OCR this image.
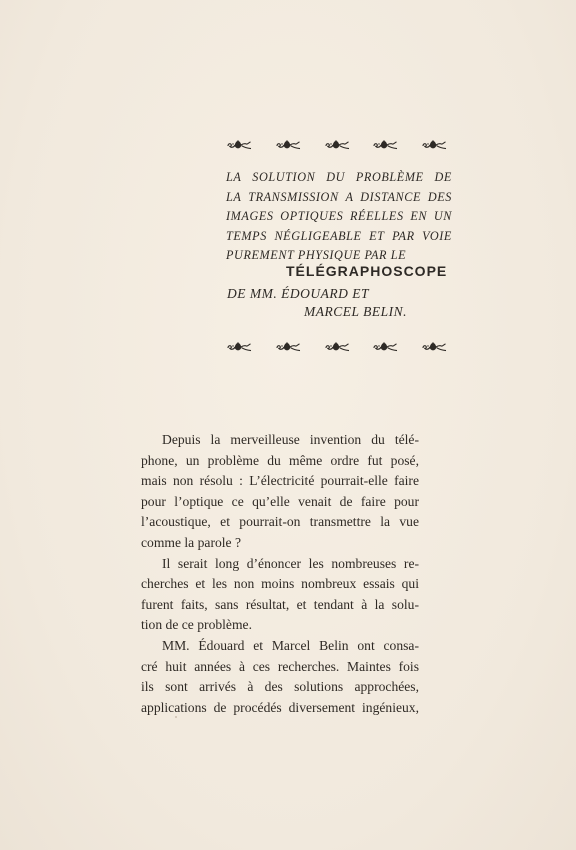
LA SOLUTION DU PROBLÈME DE
LA TRANSMISSION A DISTANCE DES
IMAGES OPTIQUES RÉELLES EN UN
TEMPS NÉGLIGEABLE ET PAR VOIE
PUREMENT PHYSIQUE PAR LE
TÉLÉGRAPHOSCOPE
DE MM. ÉDOUARD ET
MARCEL BELIN.
Depuis la merveilleuse invention du télé-
phone, un problème du même ordre fut posé,
mais non résolu : L’électricité pourrait-elle faire
pour l’optique ce qu’elle venait de faire pour
l’acoustique, et pourrait-on transmettre la vue
comme la parole ?
Il serait long d’énoncer les nombreuses re-
cherches et les non moins nombreux essais qui
furent faits, sans résultat, et tendant à la solu-
tion de ce problème.
MM. Édouard et Marcel Belin ont consa-
cré huit années à ces recherches. Maintes fois
ils sont arrivés à des solutions approchées,
applications de procédés diversement ingénieux,
